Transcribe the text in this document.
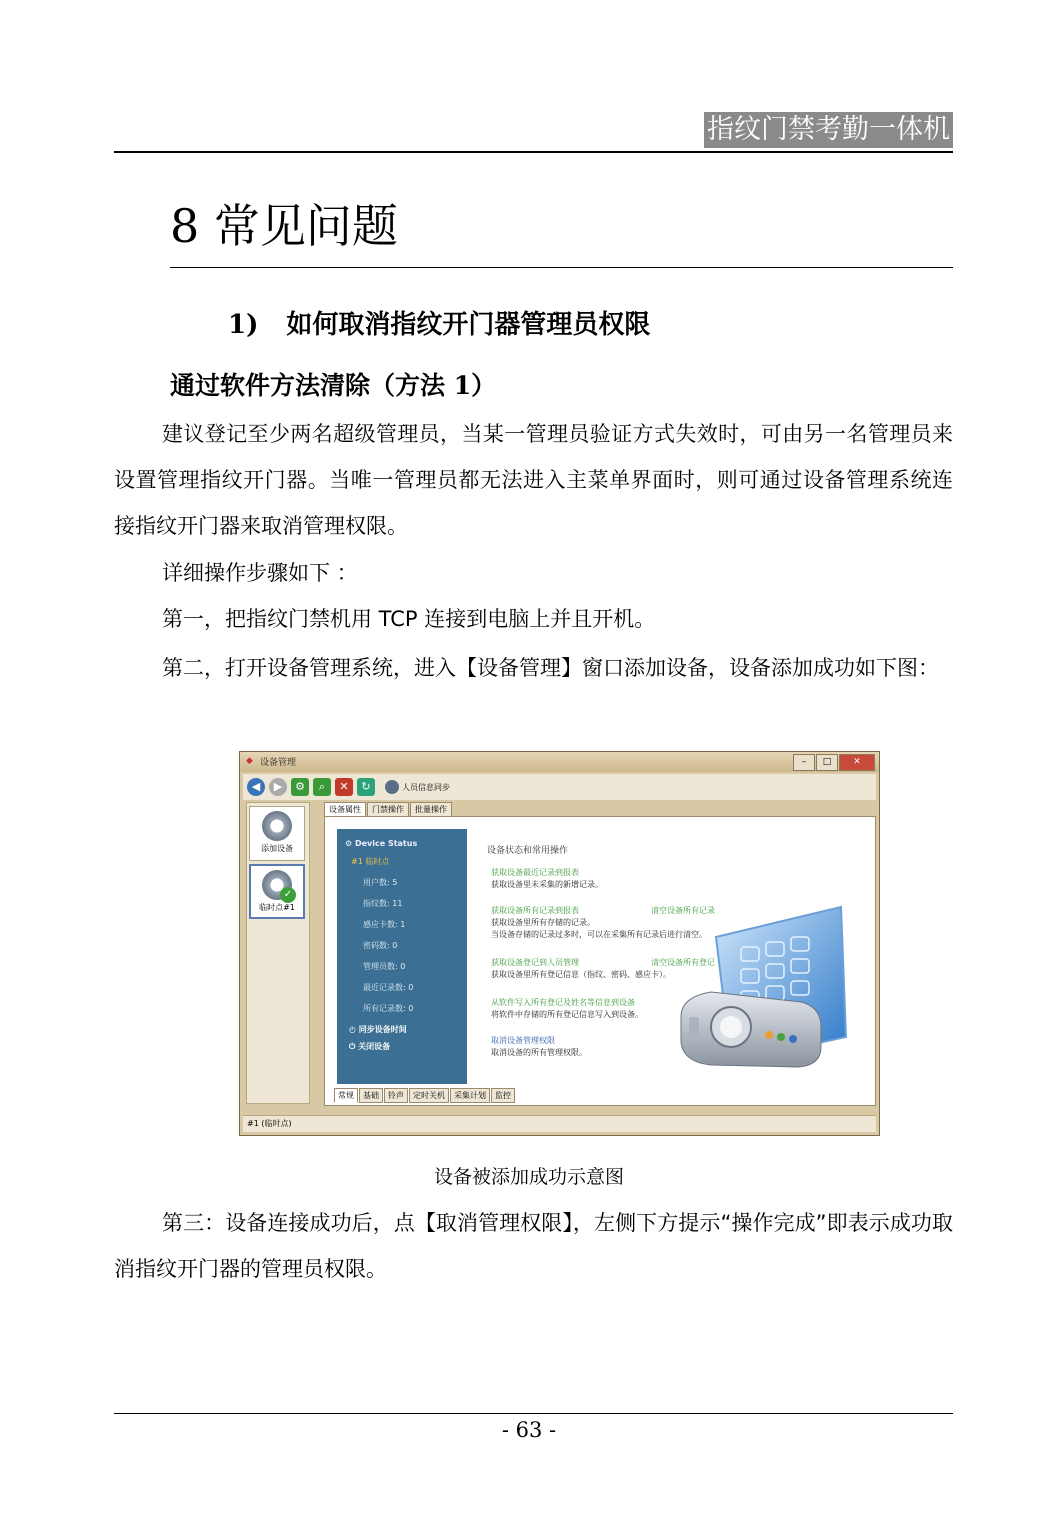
指纹门禁考勤一体机
8 常见问题
1) 如何取消指纹开门器管理员权限
通过软件方法清除（方法 1）

建议登记至少两名超级管理员，当某一管理员验证方式失效时，可由另一名管理员来设置管理指纹开门器。当唯一管理员都无法进入主菜单界面时，则可通过设备管理系统连接指纹开门器来取消管理权限。

详细操作步骤如下 ：

第一，把指纹门禁机用 TCP 连接到电脑上并且开机。

第二，打开设备管理系统，进入【设备管理】窗口添加设备，设备添加成功如下图：

◆ 设备管理	–	□	✕
◀	▶	⚙	⌕	✕	↻	人员信息同步
添加设备
✓
临时点#1
设备属性	门禁操作	批量操作
⚙ Device Status
#1 临时点
用户数: 5
指纹数: 11
感应卡数: 1
密码数: 0
管理员数: 0
最近记录数: 0
所有记录数: 0
◴ 同步设备时间
⏻ 关闭设备
设备状态和常用操作
获取设备最近记录到报表
获取设备里未采集的新增记录。
获取设备所有记录到报表	清空设备所有记录
获取设备里所有存储的记录。
当设备存储的记录过多时，可以在采集所有记录后进行清空。
获取设备登记到人员管理	清空设备所有登记
获取设备里所有登记信息（指纹、密码、感应卡）。
从软件写入所有登记及姓名等信息到设备
将软件中存储的所有登记信息写入到设备。
取消设备管理权限
取消设备的所有管理权限。
常规	基础	铃声	定时关机	采集计划	监控
#1 (临时点)
设备被添加成功示意图

第三：设备连接成功后，点【取消管理权限】，左侧下方提示“操作完成”即表示成功取消指纹开门器的管理员权限。

- 63 -
